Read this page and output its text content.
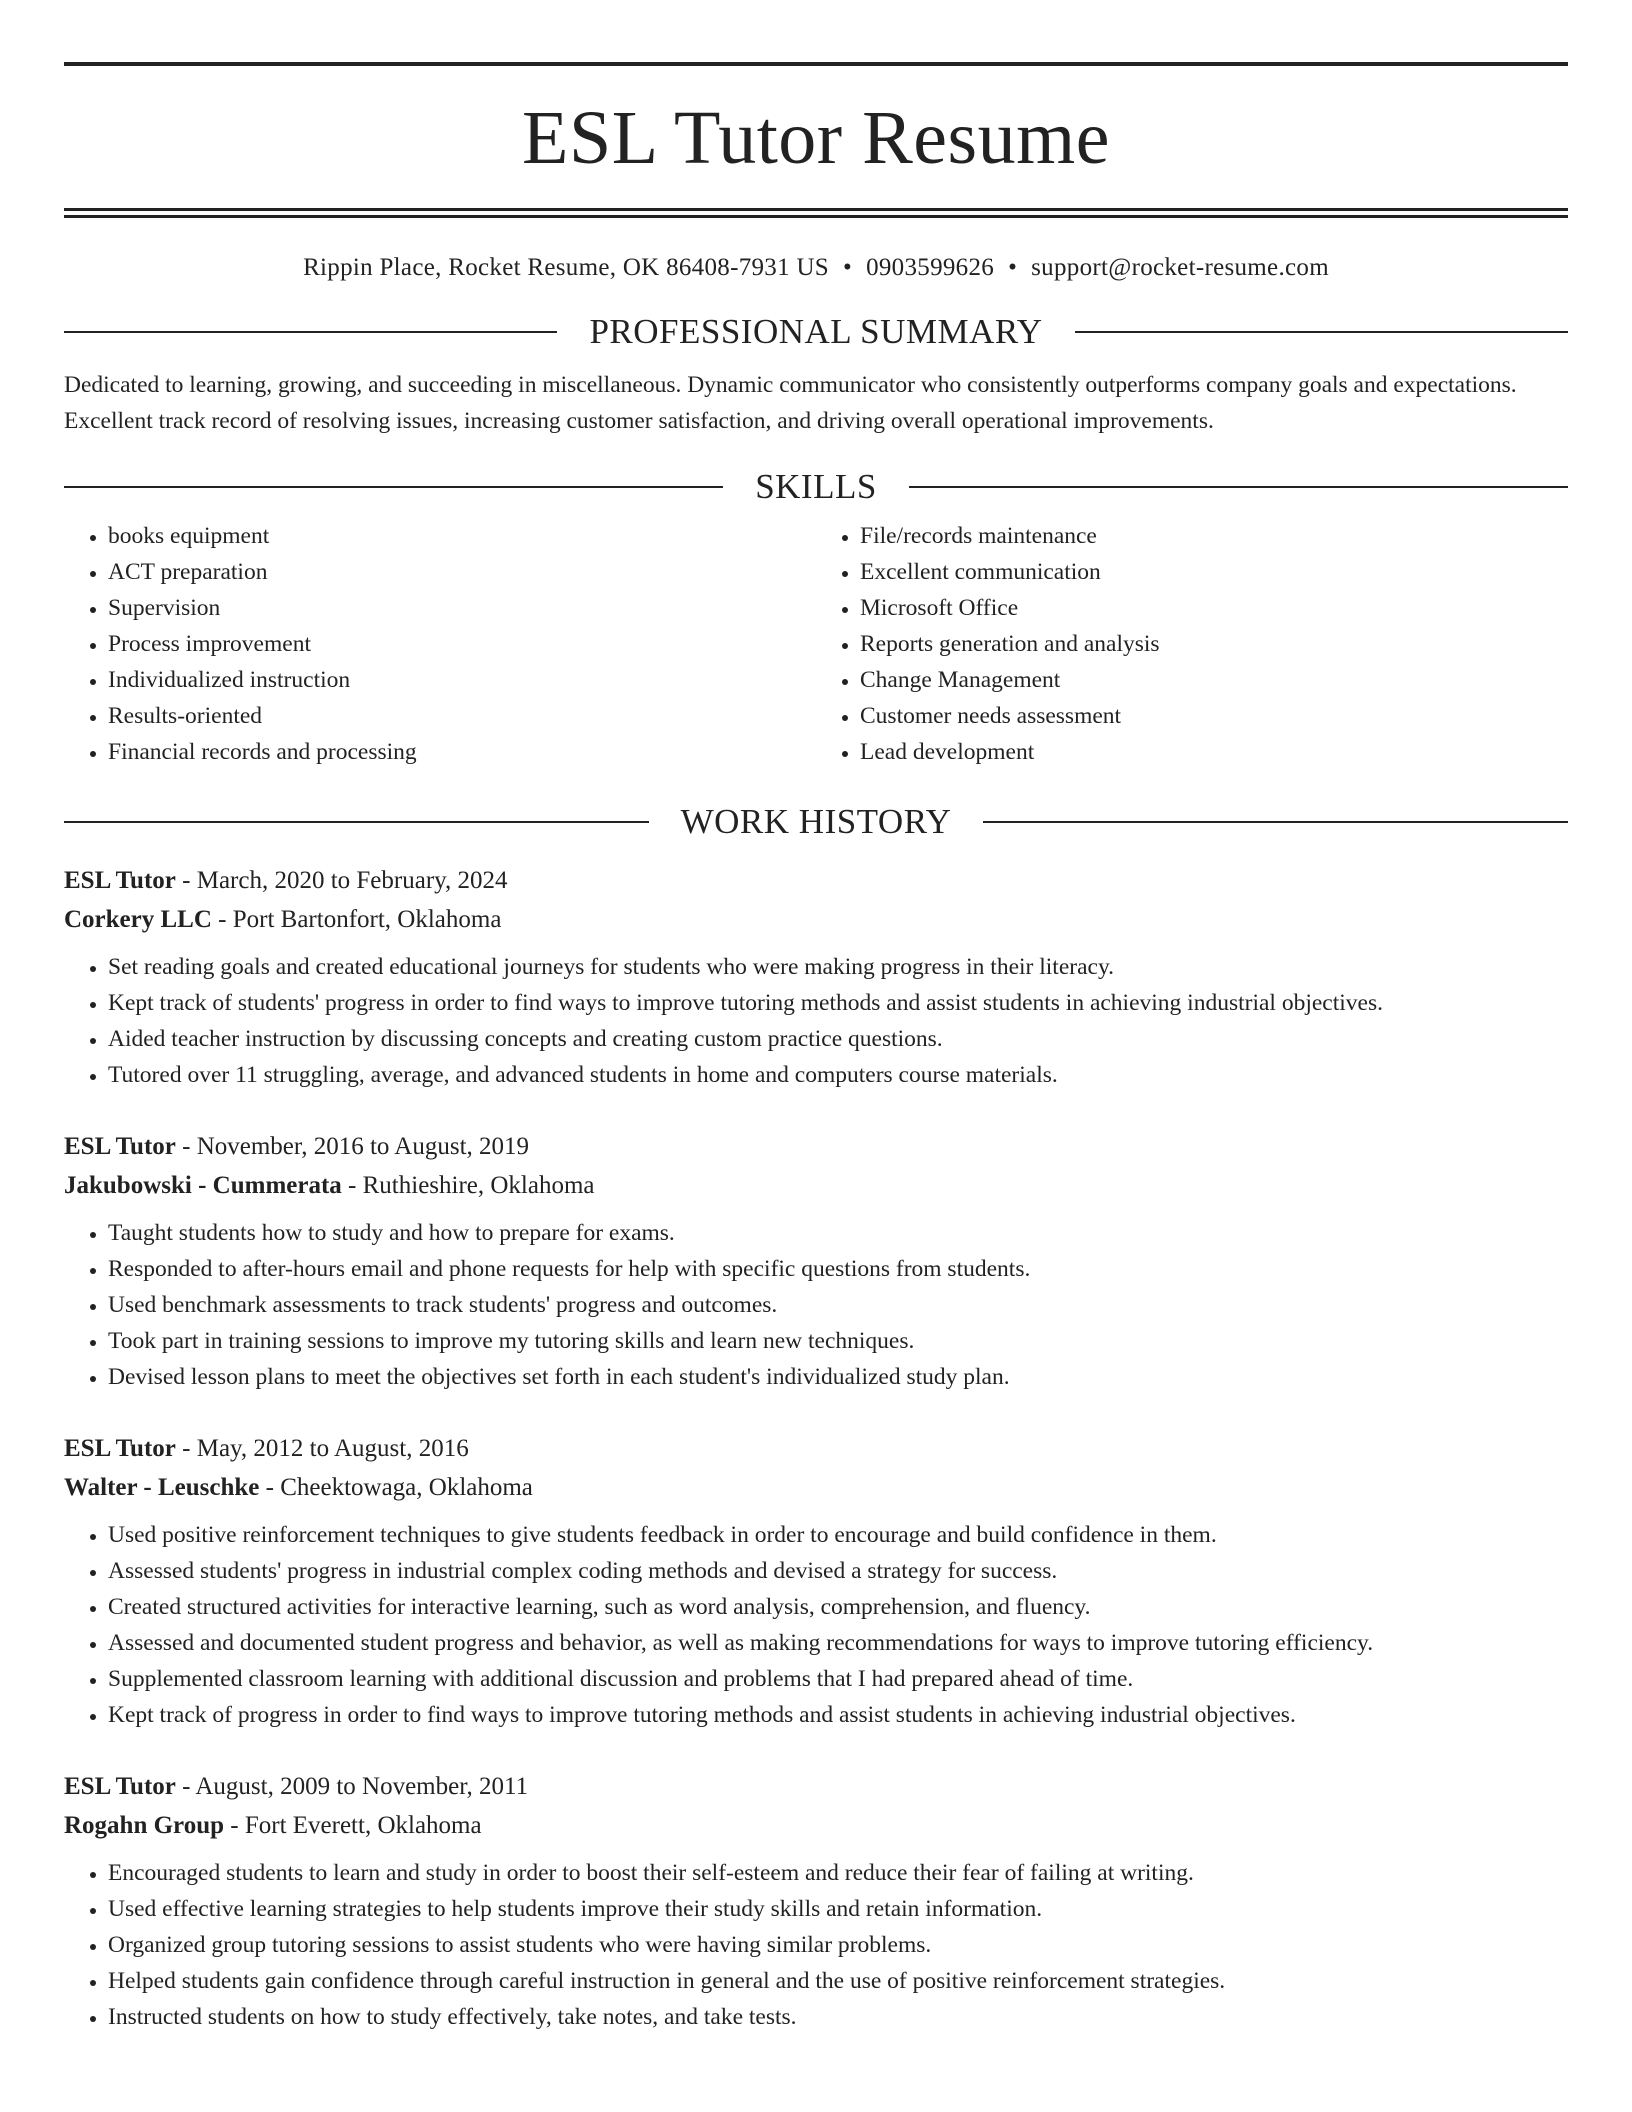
ESL Tutor Resume
Rippin Place, Rocket Resume, OK 86408-7931 US • 0903599626 • support@rocket-resume.com
PROFESSIONAL SUMMARY

Dedicated to learning, growing, and succeeding in miscellaneous. Dynamic communicator who consistently outperforms company goals and expectations. Excellent track record of resolving issues, increasing customer satisfaction, and driving overall operational improvements.

SKILLS
• books equipment
• ACT preparation
• Supervision
• Process improvement
• Individualized instruction
• Results-oriented
• Financial records and processing
• File/records maintenance
• Excellent communication
• Microsoft Office
• Reports generation and analysis
• Change Management
• Customer needs assessment
• Lead development
WORK HISTORY
ESL Tutor - March, 2020 to February, 2024
Corkery LLC - Port Bartonfort, Oklahoma
• Set reading goals and created educational journeys for students who were making progress in their literacy.
• Kept track of students' progress in order to find ways to improve tutoring methods and assist students in achieving industrial objectives.
• Aided teacher instruction by discussing concepts and creating custom practice questions.
• Tutored over 11 struggling, average, and advanced students in home and computers course materials.
ESL Tutor - November, 2016 to August, 2019
Jakubowski - Cummerata - Ruthieshire, Oklahoma
• Taught students how to study and how to prepare for exams.
• Responded to after-hours email and phone requests for help with specific questions from students.
• Used benchmark assessments to track students' progress and outcomes.
• Took part in training sessions to improve my tutoring skills and learn new techniques.
• Devised lesson plans to meet the objectives set forth in each student's individualized study plan.
ESL Tutor - May, 2012 to August, 2016
Walter - Leuschke - Cheektowaga, Oklahoma
• Used positive reinforcement techniques to give students feedback in order to encourage and build confidence in them.
• Assessed students' progress in industrial complex coding methods and devised a strategy for success.
• Created structured activities for interactive learning, such as word analysis, comprehension, and fluency.
• Assessed and documented student progress and behavior, as well as making recommendations for ways to improve tutoring efficiency.
• Supplemented classroom learning with additional discussion and problems that I had prepared ahead of time.
• Kept track of progress in order to find ways to improve tutoring methods and assist students in achieving industrial objectives.
ESL Tutor - August, 2009 to November, 2011
Rogahn Group - Fort Everett, Oklahoma
• Encouraged students to learn and study in order to boost their self-esteem and reduce their fear of failing at writing.
• Used effective learning strategies to help students improve their study skills and retain information.
• Organized group tutoring sessions to assist students who were having similar problems.
• Helped students gain confidence through careful instruction in general and the use of positive reinforcement strategies.
• Instructed students on how to study effectively, take notes, and take tests.
